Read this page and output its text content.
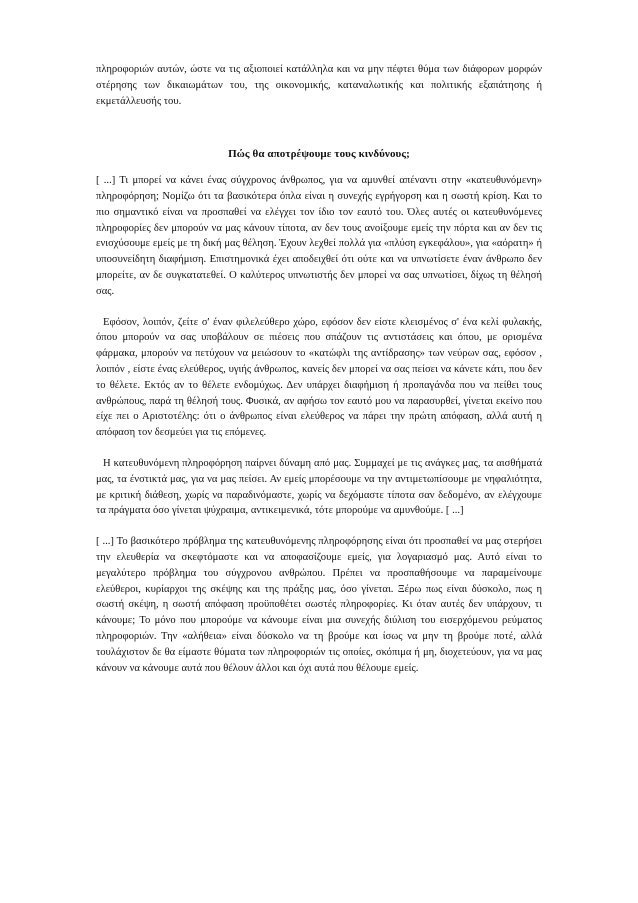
πληροφοριών αυτών, ώστε να τις αξιοποιεί κατάλληλα και να μην πέφτει θύμα των διάφορων μορφών στέρησης των δικαιωμάτων του, της οικονομικής, καταναλωτικής και πολιτικής εξαπάτησης ή εκμετάλλευσής του.

Πώς θα αποτρέψουμε τους κινδύνους;

[ ...] Τι μπορεί να κάνει ένας σύγχρονος άνθρωπος, για να αμυνθεί απέναντι στην «κατευθυνόμενη» πληροφόρηση; Νομίζω ότι τα βασικότερα όπλα είναι η συνεχής εγρήγορση και η σωστή κρίση. Και το πιο σημαντικό είναι να προσπαθεί να ελέγχει τον ίδιο τον εαυτό του. Όλες αυτές οι κατευθυνόμενες πληροφορίες δεν μπορούν να μας κάνουν τίποτα, αν δεν τους ανοίξουμε εμείς την πόρτα και αν δεν τις ενισχύσουμε εμείς με τη δική μας θέληση. Έχουν λεχθεί πολλά για «πλύση εγκεφάλου», για «αόρατη» ή υποσυνείδητη διαφήμιση. Επιστημονικά έχει αποδειχθεί ότι ούτε και να υπνωτίσετε έναν άνθρωπο δεν μπορείτε, αν δε συγκατατεθεί. Ο καλύτερος υπνωτιστής δεν μπορεί να σας υπνωτίσει, δίχως τη θέλησή σας.

Εφόσον, λοιπόν, ζείτε σ' έναν φιλελεύθερο χώρο, εφόσον δεν είστε κλεισμένος σ' ένα κελί φυλακής, όπου μπορούν να σας υποβάλουν σε πιέσεις που σπάζουν τις αντιστάσεις και όπου, με ορισμένα φάρμακα, μπορούν να πετύχουν να μειώσουν το «κατώφλι της αντίδρασης» των νεύρων σας, εφόσον , λοιπόν , είστε ένας ελεύθερος, υγιής άνθρωπος, κανείς δεν μπορεί να σας πείσει να κάνετε κάτι, που δεν το θέλετε. Εκτός αν το θέλετε ενδομύχως. Δεν υπάρχει διαφήμιση ή προπαγάνδα που να πείθει τους ανθρώπους, παρά τη θέλησή τους. Φυσικά, αν αφήσω τον εαυτό μου να παρασυρθεί, γίνεται εκείνο που είχε πει ο Αριστοτέλης: ότι ο άνθρωπος είναι ελεύθερος να πάρει την πρώτη απόφαση, αλλά αυτή η απόφαση τον δεσμεύει για τις επόμενες.

Η κατευθυνόμενη πληροφόρηση παίρνει δύναμη από μας. Συμμαχεί με τις ανάγκες μας, τα αισθήματά μας, τα ένστικτά μας, για να μας πείσει. Αν εμείς μπορέσουμε να την αντιμετωπίσουμε με νηφαλιότητα, με κριτική διάθεση, χωρίς να παραδινόμαστε, χωρίς να δεχόμαστε τίποτα σαν δεδομένο, αν ελέγχουμε τα πράγματα όσο γίνεται ψύχραιμα, αντικειμενικά, τότε μπορούμε να αμυνθούμε. [ ...]

[ ...] Το βασικότερο πρόβλημα της κατευθυνόμενης πληροφόρησης είναι ότι προσπαθεί να μας στερήσει την ελευθερία να σκεφτόμαστε και να αποφασίζουμε εμείς, για λογαριασμό μας. Αυτό είναι το μεγαλύτερο πρόβλημα του σύγχρονου ανθρώπου. Πρέπει να προσπαθήσουμε να παραμείνουμε ελεύθεροι, κυρίαρχοι της σκέψης και της πράξης μας, όσο γίνεται. Ξέρω πως είναι δύσκολο, πως η σωστή σκέψη, η σωστή απόφαση προϋποθέτει σωστές πληροφορίες. Κι όταν αυτές δεν υπάρχουν, τι κάνουμε; Το μόνο που μπορούμε να κάνουμε είναι μια συνεχής διύλιση του εισερχόμενου ρεύματος πληροφοριών. Την «αλήθεια» είναι δύσκολο να τη βρούμε και ίσως να μην τη βρούμε ποτέ, αλλά τουλάχιστον δε θα είμαστε θύματα των πληροφοριών τις οποίες, σκόπιμα ή μη, διοχετεύουν, για να μας κάνουν να κάνουμε αυτά που θέλουν άλλοι και όχι αυτά που θέλουμε εμείς.
